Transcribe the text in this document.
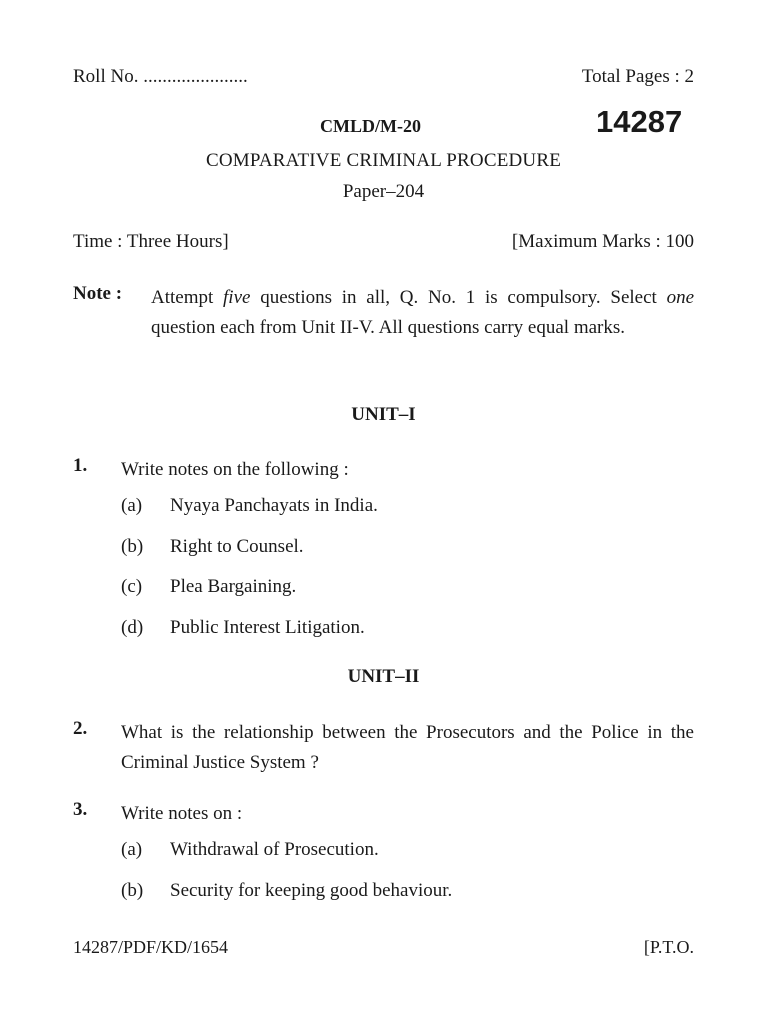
Roll No. ......................	Total Pages : 2
CMLD/M-20	14287
COMPARATIVE CRIMINAL PROCEDURE
Paper–204
Time : Three Hours]	[Maximum Marks : 100
Note : Attempt five questions in all, Q. No. 1 is compulsory. Select one question each from Unit II-V. All questions carry equal marks.
UNIT–I
1. Write notes on the following :
(a) Nyaya Panchayats in India.
(b) Right to Counsel.
(c) Plea Bargaining.
(d) Public Interest Litigation.
UNIT–II
2. What is the relationship between the Prosecutors and the Police in the Criminal Justice System ?
3. Write notes on :
(a) Withdrawal of Prosecution.
(b) Security for keeping good behaviour.
14287/PDF/KD/1654	[P.T.O.
